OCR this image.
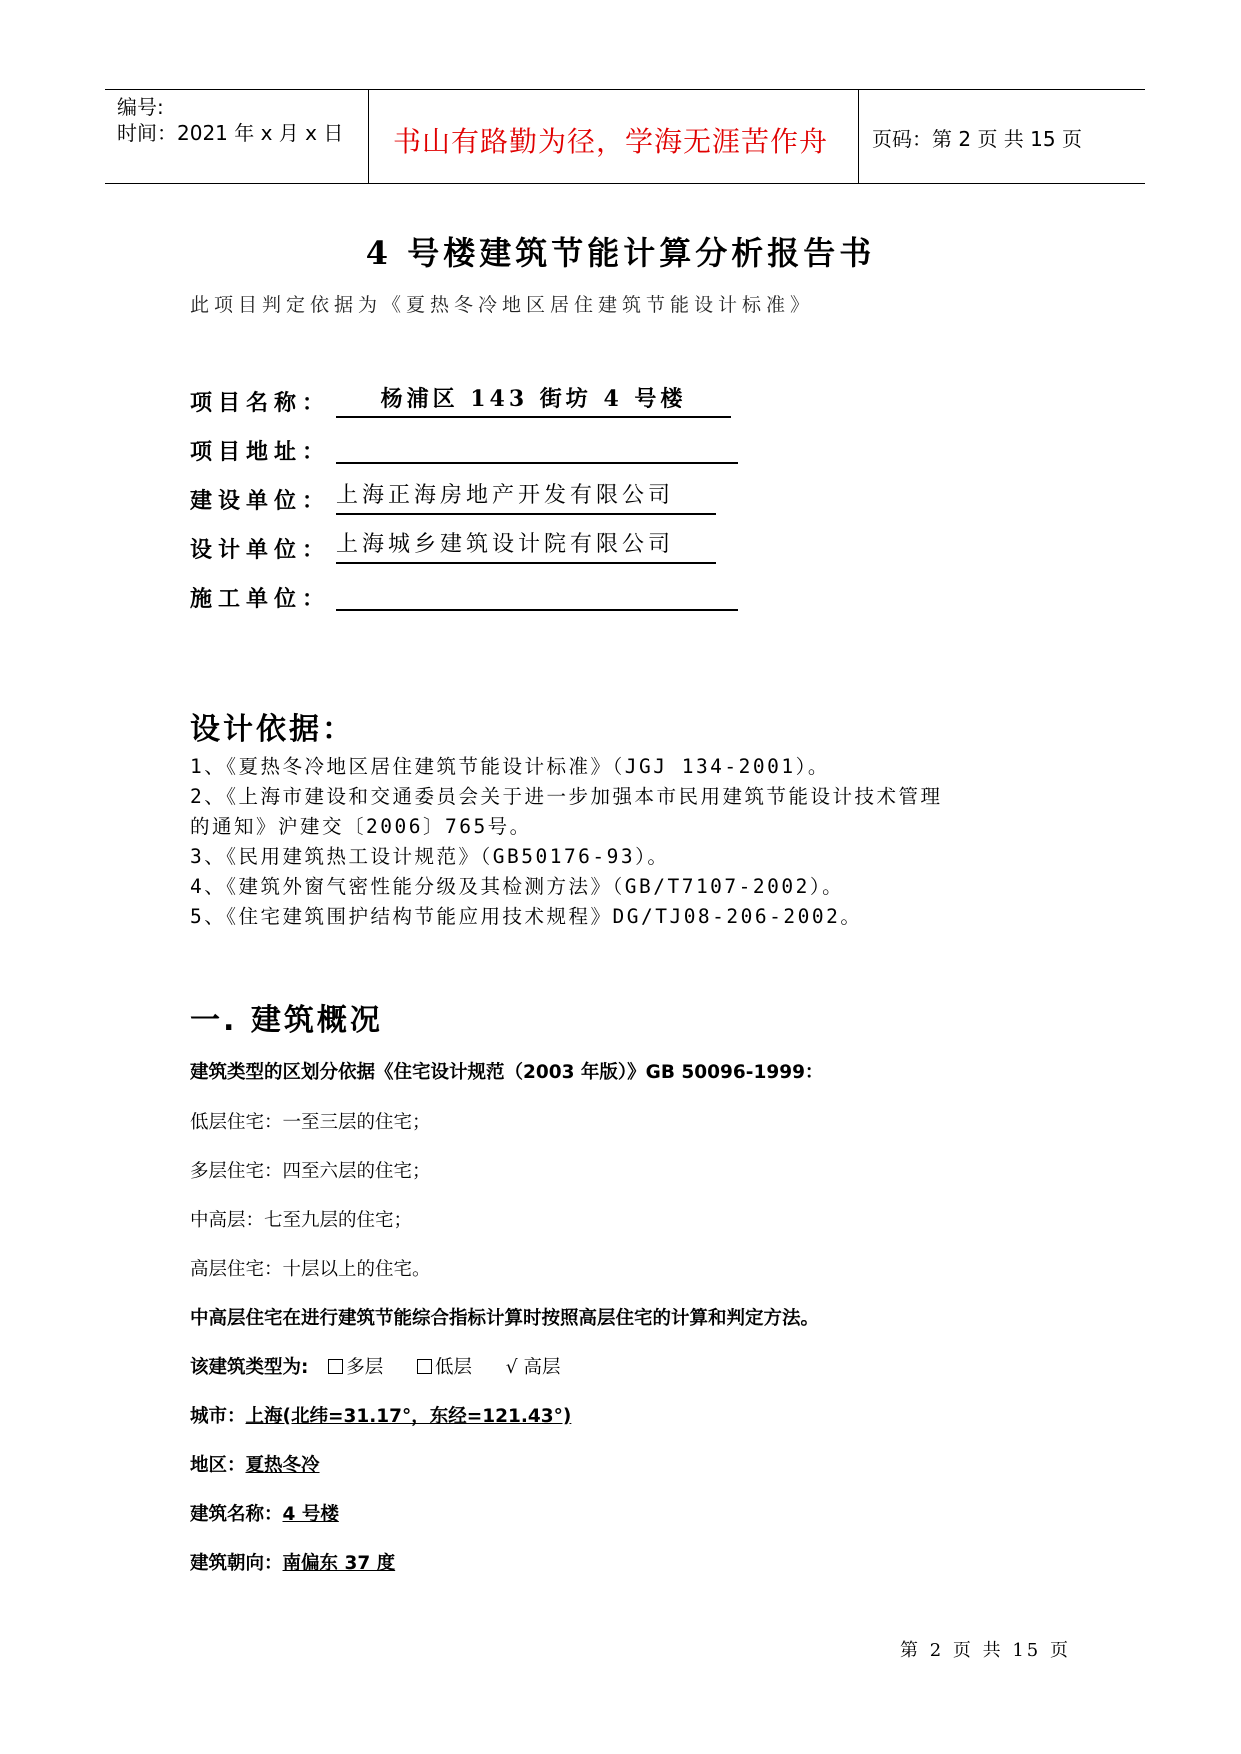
编号:
时间：2021 年 x 月 x 日 书山有路勤为径，学海无涯苦作舟 页码：第 2 页 共 15 页
4 号楼建筑节能计算分析报告书
此项目判定依据为《夏热冬冷地区居住建筑节能设计标准》
项目名称：	杨浦区 143 街坊 4 号楼
项目地址：
建设单位： 上海正海房地产开发有限公司
设计单位： 上海城乡建筑设计院有限公司
施工单位：
设计依据：
1、《夏热冬冷地区居住建筑节能设计标准》（JGJ 134-2001）。
2、《上海市建设和交通委员会关于进一步加强本市民用建筑节能设计技术管理
的通知》沪建交〔2006〕765号。
3、《民用建筑热工设计规范》（GB50176-93）。
4、《建筑外窗气密性能分级及其检测方法》（GB/T7107-2002）。
5、《住宅建筑围护结构节能应用技术规程》DG/TJ08-206-2002。
一. 建筑概况
建筑类型的区划分依据《住宅设计规范（2003 年版）》GB 50096-1999：
低层住宅：一至三层的住宅；
多层住宅：四至六层的住宅；
中高层：七至九层的住宅；
高层住宅：十层以上的住宅。
中高层住宅在进行建筑节能综合指标计算时按照高层住宅的计算和判定方法。
该建筑类型为: 多层	低层 √ 高层
城市：上海(北纬=31.17°，东经=121.43°)
地区：夏热冬冷
建筑名称：4 号楼
建筑朝向：南偏东 37 度
第 2 页 共 15 页
